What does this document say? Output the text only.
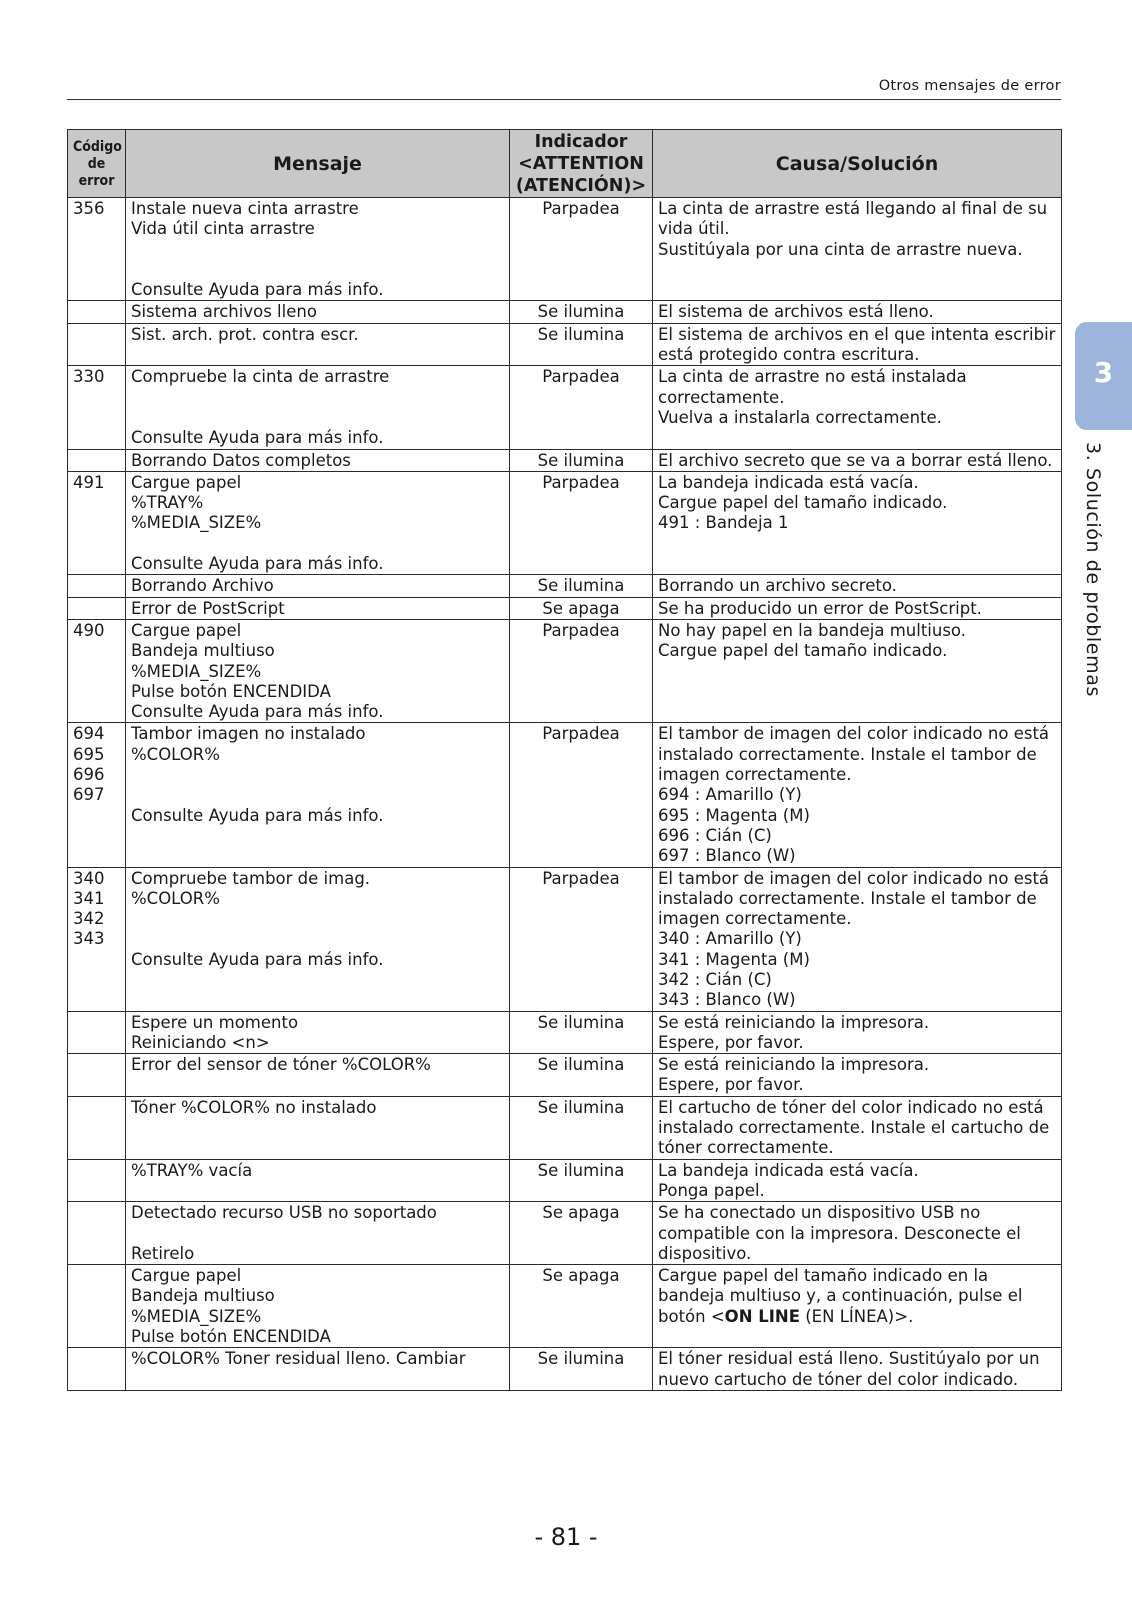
Otros mensajes de error
Código
de
error	Mensaje	Indicador
<ATTENTION
(ATENCIÓN)>	Causa/Solución
356	Instale nueva cinta arrastre
Vida útil cinta arrastre
Consulte Ayuda para más info.	Parpadea	La cinta de arrastre está llegando al final de su vida útil.
Sustitúyala por una cinta de arrastre nueva.

	Sistema archivos lleno	Se ilumina	El sistema de archivos está lleno.

	Sist. arch. prot. contra escr.	Se ilumina	El sistema de archivos en el que intenta escribir está protegido contra escritura.
330	Compruebe la cinta de arrastre
Consulte Ayuda para más info.	Parpadea	La cinta de arrastre no está instalada correctamente.
Vuelva a instalarla correctamente.

	Borrando Datos completos	Se ilumina	El archivo secreto que se va a borrar está lleno.
491	Cargue papel
%TRAY%
%MEDIA_SIZE%
Consulte Ayuda para más info.	Parpadea	La bandeja indicada está vacía.
Cargue papel del tamaño indicado.
491 : Bandeja 1

	Borrando Archivo	Se ilumina	Borrando un archivo secreto.

	Error de PostScript	Se apaga	Se ha producido un error de PostScript.
490	Cargue papel
Bandeja multiuso
%MEDIA_SIZE%
Pulse botón ENCENDIDA
Consulte Ayuda para más info.	Parpadea	No hay papel en la bandeja multiuso.
Cargue papel del tamaño indicado.
694
695
696
697	Tambor imagen no instalado
%COLOR%
Consulte Ayuda para más info.	Parpadea	El tambor de imagen del color indicado no está instalado correctamente. Instale el tambor de imagen correctamente.
694 : Amarillo (Y)
695 : Magenta (M)
696 : Cián (C)
697 : Blanco (W)
340
341
342
343	Compruebe tambor de imag.
%COLOR%
Consulte Ayuda para más info.	Parpadea	El tambor de imagen del color indicado no está instalado correctamente. Instale el tambor de imagen correctamente.
340 : Amarillo (Y)
341 : Magenta (M)
342 : Cián (C)
343 : Blanco (W)

	Espere un momento
Reiniciando <n>	Se ilumina	Se está reiniciando la impresora.
Espere, por favor.

	Error del sensor de tóner %COLOR%	Se ilumina	Se está reiniciando la impresora.
Espere, por favor.

	Tóner %COLOR% no instalado	Se ilumina	El cartucho de tóner del color indicado no está instalado correctamente. Instale el cartucho de tóner correctamente.

	%TRAY% vacía	Se ilumina	La bandeja indicada está vacía.
Ponga papel.

	Detectado recurso USB no soportado
Retirelo	Se apaga	Se ha conectado un dispositivo USB no compatible con la impresora. Desconecte el dispositivo.

	Cargue papel
Bandeja multiuso
%MEDIA_SIZE%
Pulse botón ENCENDIDA	Se apaga	Cargue papel del tamaño indicado en la bandeja multiuso y, a continuación, pulse el botón <ON LINE (EN LÍNEA)>.

	%COLOR% Toner residual lleno. Cambiar	Se ilumina	El tóner residual está lleno. Sustitúyalo por un nuevo cartucho de tóner del color indicado.
3
3. Solución de problemas
- 81 -
